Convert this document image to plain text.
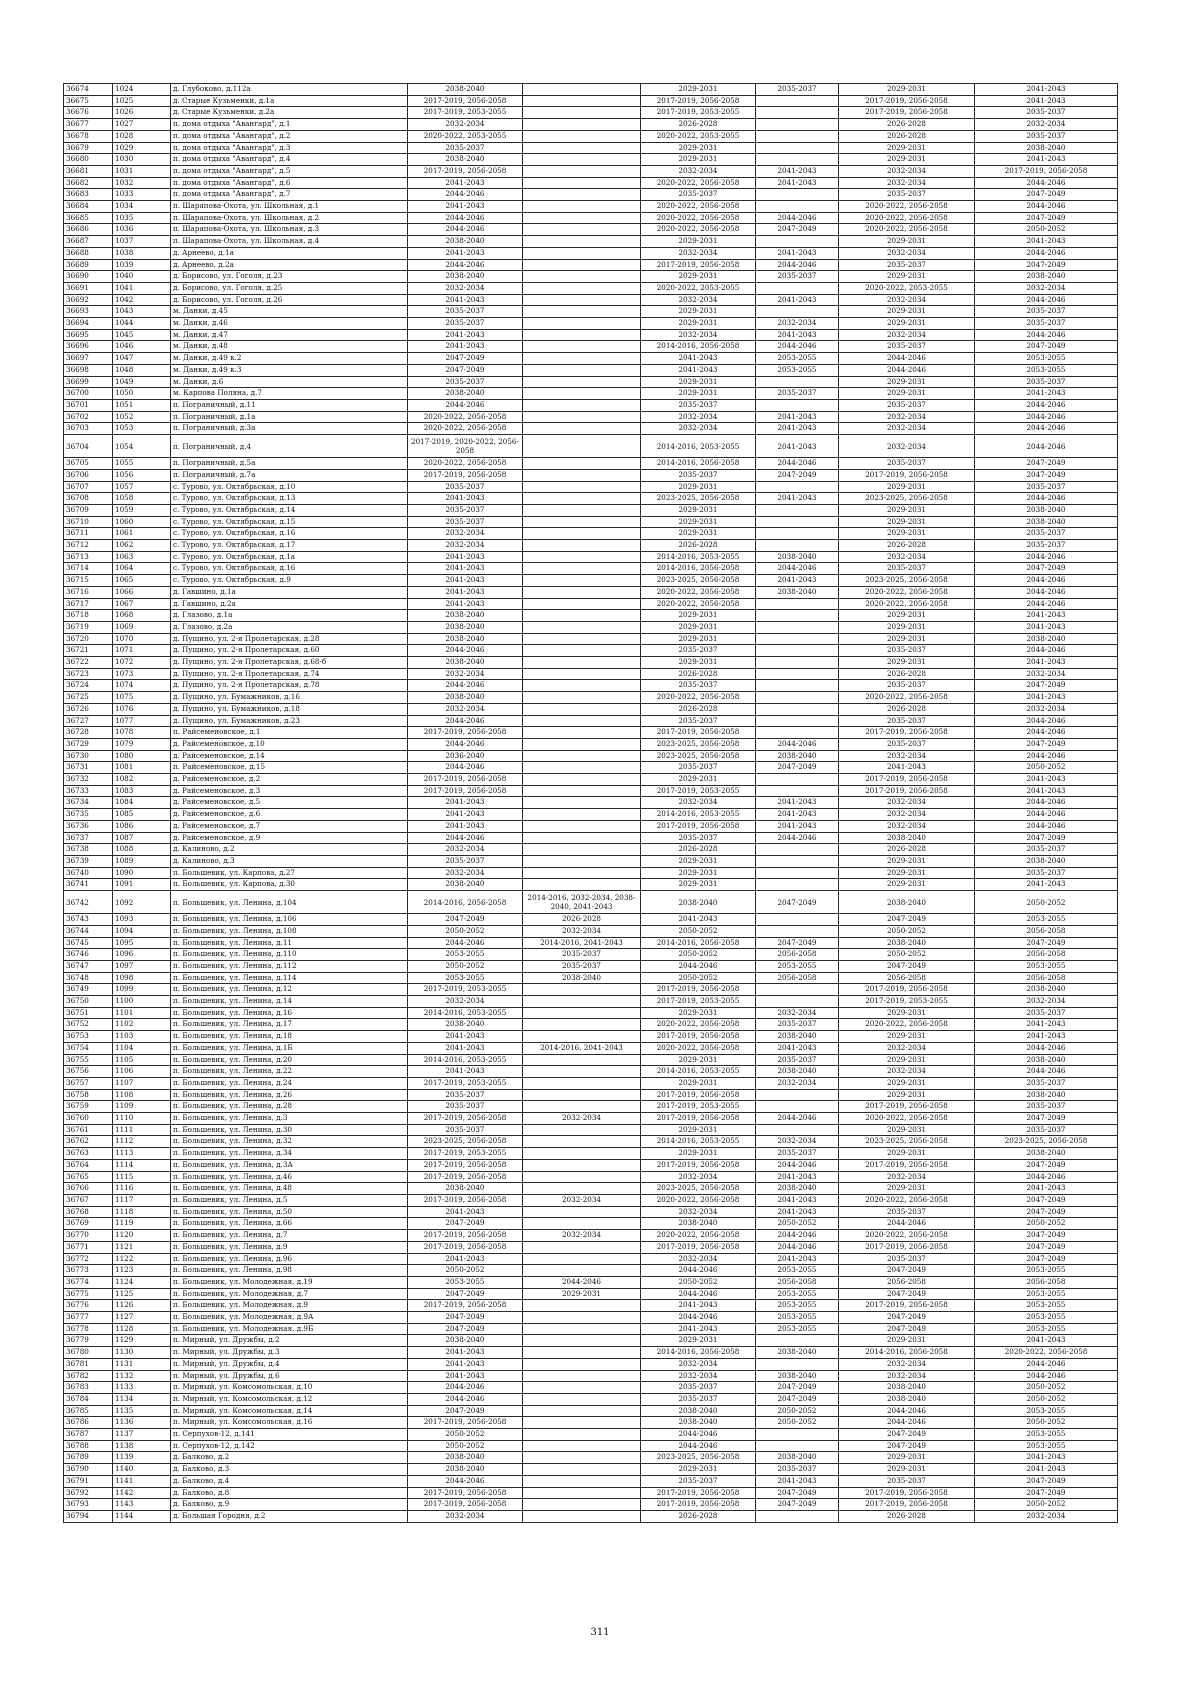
36674	1024	д. Глубоково, д.112а	2038-2040		2029-2031	2035-2037	2029-2031	2041-2043
36675	1025	д. Старые Кузьменки, д.1а	2017-2019, 2056-2058		2017-2019, 2056-2058		2017-2019, 2056-2058	2041-2043
36676	1026	д. Старые Кузьменки, д.2а	2017-2019, 2053-2055		2017-2019, 2053-2055		2017-2019, 2056-2058	2035-2037
36677	1027	п. дома отдыха "Авангард", д.1	2032-2034		2026-2028		2026-2028	2032-2034
36678	1028	п. дома отдыха "Авангард", д.2	2020-2022, 2053-2055		2020-2022, 2053-2055		2026-2028	2035-2037
36679	1029	п. дома отдыха "Авангард", д.3	2035-2037		2029-2031		2029-2031	2038-2040
36680	1030	п. дома отдыха "Авангард", д.4	2038-2040		2029-2031		2029-2031	2041-2043
36681	1031	п. дома отдыха "Авангард", д.5	2017-2019, 2056-2058		2032-2034	2041-2043	2032-2034	2017-2019, 2056-2058
36682	1032	п. дома отдыха "Авангард", д.6	2041-2043		2020-2022, 2056-2058	2041-2043	2032-2034	2044-2046
36683	1033	п. дома отдыха "Авангард", д.7	2044-2046		2035-2037		2035-2037	2047-2049
36684	1034	п. Шарапова-Охота, ул. Школьная, д.1	2041-2043		2020-2022, 2056-2058		2020-2022, 2056-2058	2044-2046
36685	1035	п. Шарапова-Охота, ул. Школьная, д.2	2044-2046		2020-2022, 2056-2058	2044-2046	2020-2022, 2056-2058	2047-2049
36686	1036	п. Шарапова-Охота, ул. Школьная, д.3	2044-2046		2020-2022, 2056-2058	2047-2049	2020-2022, 2056-2058	2050-2052
36687	1037	п. Шарапова-Охота, ул. Школьная, д.4	2038-2040		2029-2031		2029-2031	2041-2043
36688	1038	д. Арнеево, д.1а	2041-2043		2032-2034	2041-2043	2032-2034	2044-2046
36689	1039	д. Арнеево, д.2а	2044-2046		2017-2019, 2056-2058	2044-2046	2035-2037	2047-2049
36690	1040	д. Борисово, ул. Гоголя, д.23	2038-2040		2029-2031	2035-2037	2029-2031	2038-2040
36691	1041	д. Борисово, ул. Гоголя, д.25	2032-2034		2020-2022, 2053-2055		2020-2022, 2053-2055	2032-2034
36692	1042	д. Борисово, ул. Гоголя, д.26	2041-2043		2032-2034	2041-2043	2032-2034	2044-2046
36693	1043	м. Данки, д.45	2035-2037		2029-2031		2029-2031	2035-2037
36694	1044	м. Данки, д.46	2035-2037		2029-2031	2032-2034	2029-2031	2035-2037
36695	1045	м. Данки, д.47	2041-2043		2032-2034	2041-2043	2032-2034	2044-2046
36696	1046	м. Данки, д.48	2041-2043		2014-2016, 2056-2058	2044-2046	2035-2037	2047-2049
36697	1047	м. Данки, д.49 к.2	2047-2049		2041-2043	2053-2055	2044-2046	2053-2055
36698	1048	м. Данки, д.49 к.3	2047-2049		2041-2043	2053-2055	2044-2046	2053-2055
36699	1049	м. Данки, д.6	2035-2037		2029-2031		2029-2031	2035-2037
36700	1050	м. Карпова Поляна, д.7	2038-2040		2029-2031	2035-2037	2029-2031	2041-2043
36701	1051	п. Пограничный, д.11	2044-2046		2035-2037		2035-2037	2044-2046
36702	1052	п. Пограничный, д.1а	2020-2022, 2056-2058		2032-2034	2041-2043	2032-2034	2044-2046
36703	1053	п. Пограничный, д.3а	2020-2022, 2056-2058		2032-2034	2041-2043	2032-2034	2044-2046
36704	1054	п. Пограничный, д.4	2017-2019, 2020-2022, 2056-2058		2014-2016, 2053-2055	2041-2043	2032-2034	2044-2046
36705	1055	п. Пограничный, д.5а	2020-2022, 2056-2058		2014-2016, 2056-2058	2044-2046	2035-2037	2047-2049
36706	1056	п. Пограничный, д.7а	2017-2019, 2056-2058		2035-2037	2047-2049	2017-2019, 2056-2058	2047-2049
36707	1057	с. Турово, ул. Октябрьская, д.10	2035-2037		2029-2031		2029-2031	2035-2037
36708	1058	с. Турово, ул. Октябрьская, д.13	2041-2043		2023-2025, 2056-2058	2041-2043	2023-2025, 2056-2058	2044-2046
36709	1059	с. Турово, ул. Октябрьская, д.14	2035-2037		2029-2031		2029-2031	2038-2040
36710	1060	с. Турово, ул. Октябрьская, д.15	2035-2037		2029-2031		2029-2031	2038-2040
36711	1061	с. Турово, ул. Октябрьская, д.16	2032-2034		2029-2031		2029-2031	2035-2037
36712	1062	с. Турово, ул. Октябрьская, д.17	2032-2034		2026-2028		2026-2028	2035-2037
36713	1063	с. Турово, ул. Октябрьская, д.1а	2041-2043		2014-2016, 2053-2055	2038-2040	2032-2034	2044-2046
36714	1064	с. Турово, ул. Октябрьская, д.16	2041-2043		2014-2016, 2056-2058	2044-2046	2035-2037	2047-2049
36715	1065	с. Турово, ул. Октябрьская, д.9	2041-2043		2023-2025, 2056-2058	2041-2043	2023-2025, 2056-2058	2044-2046
36716	1066	д. Гавшино, д.1а	2041-2043		2020-2022, 2056-2058	2038-2040	2020-2022, 2056-2058	2044-2046
36717	1067	д. Гавшино, д.2а	2041-2043		2020-2022, 2056-2058		2020-2022, 2056-2058	2044-2046
36718	1068	д. Глазово, д.1а	2038-2040		2029-2031		2029-2031	2041-2043
36719	1069	д. Глазово, д.2а	2038-2040		2029-2031		2029-2031	2041-2043
36720	1070	д. Пущино, ул. 2-я Пролетарская, д.28	2038-2040		2029-2031		2029-2031	2038-2040
36721	1071	д. Пущино, ул. 2-я Пролетарская, д.60	2044-2046		2035-2037		2035-2037	2044-2046
36722	1072	д. Пущино, ул. 2-я Пролетарская, д.68-б	2038-2040		2029-2031		2029-2031	2041-2043
36723	1073	д. Пущино, ул. 2-я Пролетарская, д.74	2032-2034		2026-2028		2026-2028	2032-2034
36724	1074	д. Пущино, ул. 2-я Пролетарская, д.78	2044-2046		2035-2037		2035-2037	2047-2049
36725	1075	д. Пущино, ул. Бумажников, д.16	2038-2040		2020-2022, 2056-2058		2020-2022, 2056-2058	2041-2043
36726	1076	д. Пущино, ул. Бумажников, д.18	2032-2034		2026-2028		2026-2028	2032-2034
36727	1077	д. Пущино, ул. Бумажников, д.23	2044-2046		2035-2037		2035-2037	2044-2046
36728	1078	п. Райсеменовское, д.1	2017-2019, 2056-2058		2017-2019, 2056-2058		2017-2019, 2056-2058	2044-2046
36729	1079	д. Райсеменовское, д.10	2044-2046		2023-2025, 2056-2058	2044-2046	2035-2037	2047-2049
36730	1080	д. Райсеменовское, д.14	2036-2040		2023-2025, 2056-2058	2038-2040	2032-2034	2044-2046
36731	1081	п. Райсеменовское, д.15	2044-2046		2035-2037	2047-2049	2041-2043	2050-2052
36732	1082	д. Райсеменовское, д.2	2017-2019, 2056-2058		2029-2031		2017-2019, 2056-2058	2041-2043
36733	1083	д. Райсеменовское, д.3	2017-2019, 2056-2058		2017-2019, 2053-2055		2017-2019, 2056-2058	2041-2043
36734	1084	д. Райсеменовское, д.5	2041-2043		2032-2034	2041-2043	2032-2034	2044-2046
36735	1085	д. Райсеменовское, д.6	2041-2043		2014-2016, 2053-2055	2041-2043	2032-2034	2044-2046
36736	1086	д. Райсеменовское, д.7	2041-2043		2017-2019, 2056-2058	2041-2043	2032-2034	2044-2046
36737	1087	д. Райсеменовское, д.9	2044-2046		2035-2037	2044-2046	2038-2040	2047-2049
36738	1088	д. Калиново, д.2	2032-2034		2026-2028		2026-2028	2035-2037
36739	1089	д. Калиново, д.3	2035-2037		2029-2031		2029-2031	2038-2040
36740	1090	п. Большевик, ул. Карпова, д.27	2032-2034		2029-2031		2029-2031	2035-2037
36741	1091	п. Большевик, ул. Карпова, д.30	2038-2040		2029-2031		2029-2031	2041-2043
36742	1092	п. Большевик, ул. Ленина, д.104	2014-2016, 2056-2058	2014-2016, 2032-2034, 2038-2040, 2041-2043	2038-2040	2047-2049	2038-2040	2050-2052
36743	1093	п. Большевик, ул. Ленина, д.106	2047-2049	2026-2028	2041-2043		2047-2049	2053-2055
36744	1094	п. Большевик, ул. Ленина, д.108	2050-2052	2032-2034	2050-2052		2050-2052	2056-2058
36745	1095	п. Большевик, ул. Ленина, д.11	2044-2046	2014-2016, 2041-2043	2014-2016, 2056-2058	2047-2049	2038-2040	2047-2049
36746	1096	п. Большевик, ул. Ленина, д.110	2053-2055	2035-2037	2050-2052	2056-2058	2050-2052	2056-2058
36747	1097	п. Большевик, ул. Ленина, д.112	2050-2052	2035-2037	2044-2046	2053-2055	2047-2049	2053-2055
36748	1098	п. Большевик, ул. Ленина, д.114	2053-2055	2038-2040	2050-2052	2056-2058	2056-2058	2056-2058
36749	1099	п. Большевик, ул. Ленина, д.12	2017-2019, 2053-2055		2017-2019, 2056-2058		2017-2019, 2056-2058	2038-2040
36750	1100	п. Большевик, ул. Ленина, д.14	2032-2034		2017-2019, 2053-2055		2017-2019, 2053-2055	2032-2034
36751	1101	п. Большевик, ул. Ленина, д.16	2014-2016, 2053-2055		2029-2031	2032-2034	2029-2031	2035-2037
36752	1102	п. Большевик, ул. Ленина, д.17	2038-2040		2020-2022, 2056-2058	2035-2037	2020-2022, 2056-2058	2041-2043
36753	1103	п. Большевик, ул. Ленина, д.18	2041-2043		2017-2019, 2056-2058	2038-2040	2029-2031	2041-2043
36754	1104	п. Большевик, ул. Ленина, д.1Б	2041-2043	2014-2016, 2041-2043	2020-2022, 2056-2058	2041-2043	2032-2034	2044-2046
36755	1105	п. Большевик, ул. Ленина, д.20	2014-2016, 2053-2055		2029-2031	2035-2037	2029-2031	2038-2040
36756	1106	п. Большевик, ул. Ленина, д.22	2041-2043		2014-2016, 2053-2055	2038-2040	2032-2034	2044-2046
36757	1107	п. Большевик, ул. Ленина, д.24	2017-2019, 2053-2055		2029-2031	2032-2034	2029-2031	2035-2037
36758	1108	п. Большевик, ул. Ленина, д.26	2035-2037		2017-2019, 2056-2058		2029-2031	2038-2040
36759	1109	п. Большевик, ул. Ленина, д.28	2035-2037		2017-2019, 2053-2055		2017-2019, 2056-2058	2035-2037
36760	1110	п. Большевик, ул. Ленина, д.3	2017-2019, 2056-2058	2032-2034	2017-2019, 2056-2058	2044-2046	2020-2022, 2056-2058	2047-2049
36761	1111	п. Большевик, ул. Ленина, д.30	2035-2037		2029-2031		2029-2031	2035-2037
36762	1112	п. Большевик, ул. Ленина, д.32	2023-2025, 2056-2058		2014-2016, 2053-2055	2032-2034	2023-2025, 2056-2058	2023-2025, 2056-2058
36763	1113	п. Большевик, ул. Ленина, д.34	2017-2019, 2053-2055		2029-2031	2035-2037	2029-2031	2038-2040
36764	1114	п. Большевик, ул. Ленина, д.3А	2017-2019, 2056-2058		2017-2019, 2056-2058	2044-2046	2017-2019, 2056-2058	2047-2049
36765	1115	п. Большевик, ул. Ленина, д.46	2017-2019, 2056-2058		2032-2034	2041-2043	2032-2034	2044-2046
36766	1116	п. Большевик, ул. Ленина, д.48	2038-2040		2023-2025, 2056-2058	2038-2040	2029-2031	2041-2043
36767	1117	п. Большевик, ул. Ленина, д.5	2017-2019, 2056-2058	2032-2034	2020-2022, 2056-2058	2041-2043	2020-2022, 2056-2058	2047-2049
36768	1118	п. Большевик, ул. Ленина, д.50	2041-2043		2032-2034	2041-2043	2035-2037	2047-2049
36769	1119	п. Большевик, ул. Ленина, д.66	2047-2049		2038-2040	2050-2052	2044-2046	2050-2052
36770	1120	п. Большевик, ул. Ленина, д.7	2017-2019, 2056-2058	2032-2034	2020-2022, 2056-2058	2044-2046	2020-2022, 2056-2058	2047-2049
36771	1121	п. Большевик, ул. Ленина, д.9	2017-2019, 2056-2058		2017-2019, 2056-2058	2044-2046	2017-2019, 2056-2058	2047-2049
36772	1122	п. Большевик, ул. Ленина, д.96	2041-2043		2032-2034	2041-2043	2035-2037	2047-2049
36773	1123	п. Большевик, ул. Ленина, д.98	2050-2052		2044-2046	2053-2055	2047-2049	2053-2055
36774	1124	п. Большевик, ул. Молодежная, д.19	2053-2055	2044-2046	2050-2052	2056-2058	2056-2058	2056-2058
36775	1125	п. Большевик, ул. Молодежная, д.7	2047-2049	2029-2031	2044-2046	2053-2055	2047-2049	2053-2055
36776	1126	п. Большевик, ул. Молодежная, д.9	2017-2019, 2056-2058		2041-2043	2053-2055	2017-2019, 2056-2058	2053-2055
36777	1127	п. Большевик, ул. Молодежная, д.9А	2047-2049		2044-2046	2053-2055	2047-2049	2053-2055
36778	1128	п. Большевик, ул. Молодежная, д.9Б	2047-2049		2041-2043	2053-2055	2047-2049	2053-2055
36779	1129	п. Мирный, ул. Дружбы, д.2	2038-2040		2029-2031		2029-2031	2041-2043
36780	1130	п. Мирный, ул. Дружбы, д.3	2041-2043		2014-2016, 2056-2058	2038-2040	2014-2016, 2056-2058	2020-2022, 2056-2058
36781	1131	п. Мирный, ул. Дружбы, д.4	2041-2043		2032-2034		2032-2034	2044-2046
36782	1132	п. Мирный, ул. Дружбы, д.6	2041-2043		2032-2034	2038-2040	2032-2034	2044-2046
36783	1133	п. Мирный, ул. Комсомольская, д.10	2044-2046		2035-2037	2047-2049	2038-2040	2050-2052
36784	1134	п. Мирный, ул. Комсомольская, д.12	2044-2046		2035-2037	2047-2049	2038-2040	2050-2052
36785	1135	п. Мирный, ул. Комсомольская, д.14	2047-2049		2038-2040	2050-2052	2044-2046	2053-2055
36786	1136	п. Мирный, ул. Комсомольская, д.16	2017-2019, 2056-2058		2038-2040	2050-2052	2044-2046	2050-2052
36787	1137	п. Серпухов-12, д.141	2050-2052		2044-2046		2047-2049	2053-2055
36788	1138	п. Серпухов-12, д.142	2050-2052		2044-2046		2047-2049	2053-2055
36789	1139	д. Балково, д.2	2038-2040		2023-2025, 2056-2058	2038-2040	2029-2031	2041-2043
36790	1140	д. Балково, д.3	2038-2040		2029-2031	2035-2037	2029-2031	2041-2043
36791	1141	д. Балково, д.4	2044-2046		2035-2037	2041-2043	2035-2037	2047-2049
36792	1142	д. Балково, д.8	2017-2019, 2056-2058		2017-2019, 2056-2058	2047-2049	2017-2019, 2056-2058	2047-2049
36793	1143	д. Балково, д.9	2017-2019, 2056-2058		2017-2019, 2056-2058	2047-2049	2017-2019, 2056-2058	2050-2052
36794	1144	д. Большая Городня, д.2	2032-2034		2026-2028		2026-2028	2032-2034
311
